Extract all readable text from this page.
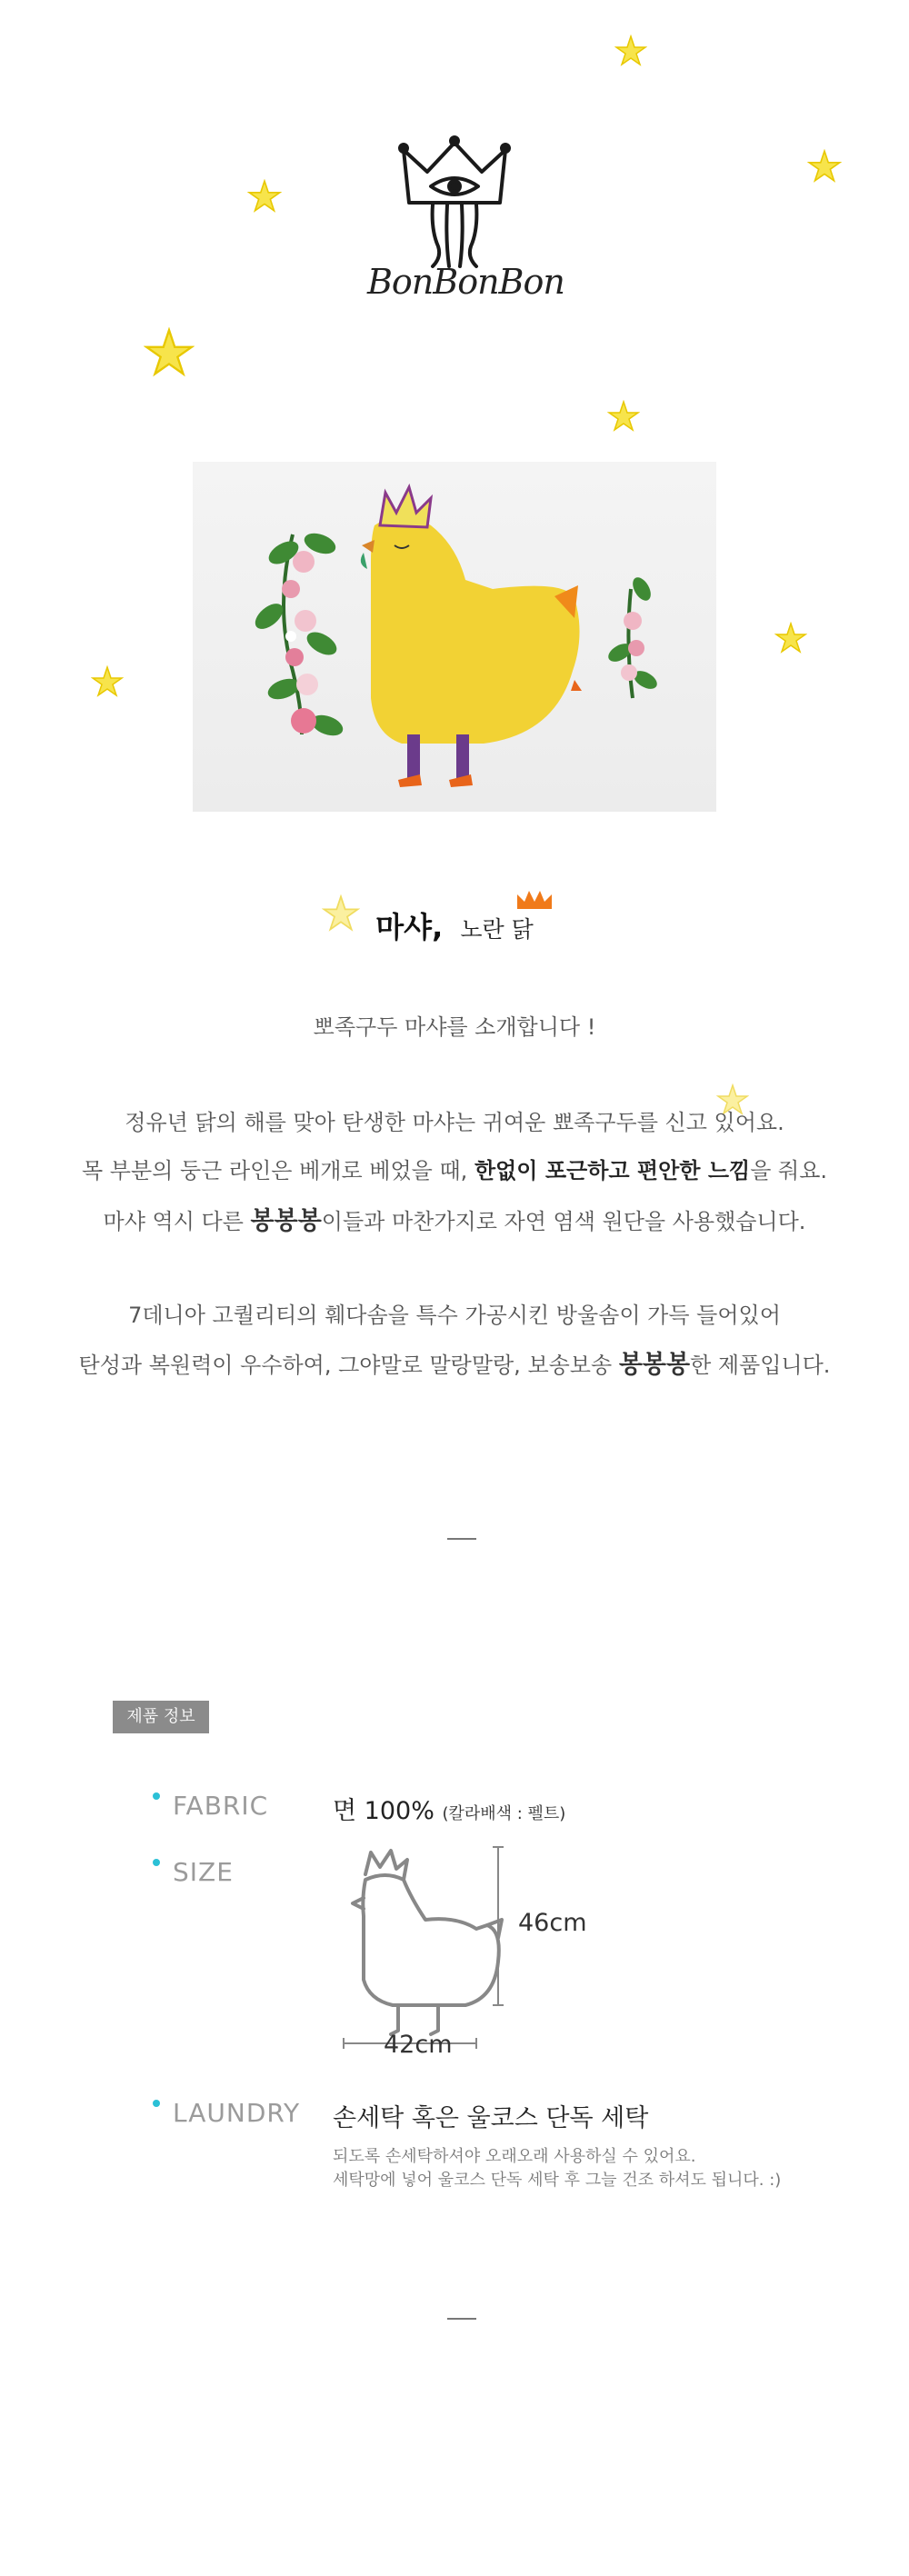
BonBonBon
마샤, 노란 닭
뽀족구두 마샤를 소개합니다 !
정유년 닭의 해를 맞아 탄생한 마샤는 귀여운 뾰족구두를 신고 있어요.
목 부분의 둥근 라인은 베개로 베었을 때, 한없이 포근하고 편안한 느낌을 줘요.
마샤 역시 다른 봉봉봉이들과 마찬가지로 자연 염색 원단을 사용했습니다.
7데니아 고퀄리티의 훼다솜을 특수 가공시킨 방울솜이 가득 들어있어
탄성과 복원력이 우수하여, 그야말로 말랑말랑, 보송보송 봉봉봉한 제품입니다.
제품 정보
FABRIC	면 100% (칼라배색 : 펠트)
SIZE
46cm
42cm
LAUNDRY 손세탁 혹은 울코스 단독 세탁
되도록 손세탁하셔야 오래오래 사용하실 수 있어요.
세탁망에 넣어 울코스 단독 세탁 후 그늘 건조 하셔도 됩니다. :)
